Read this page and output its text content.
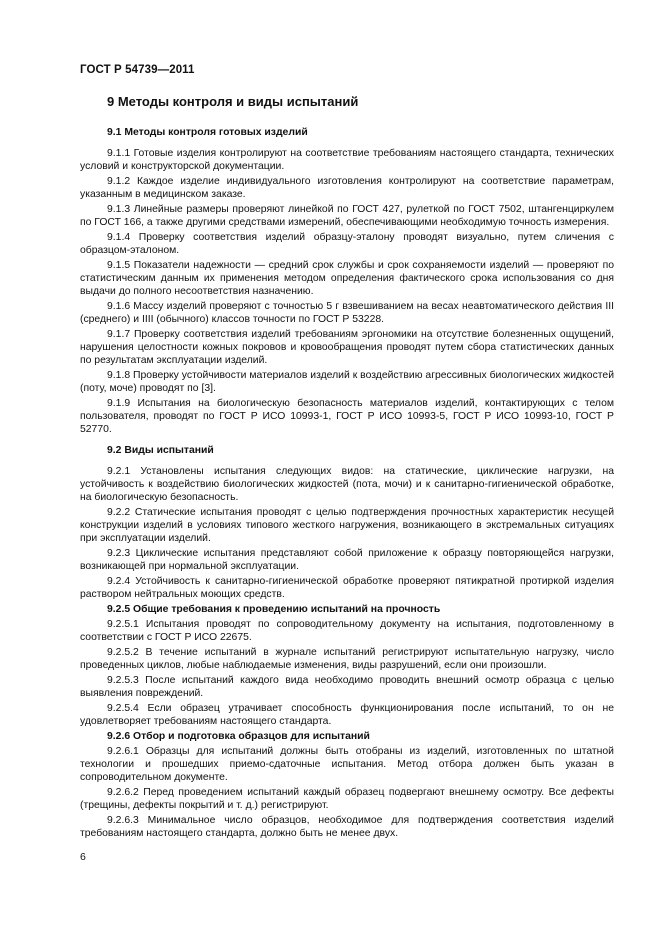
ГОСТ Р 54739—2011
9 Методы контроля и виды испытаний
9.1 Методы контроля готовых изделий
9.1.1 Готовые изделия контролируют на соответствие требованиям настоящего стандарта, технических условий и конструкторской документации.
9.1.2 Каждое изделие индивидуального изготовления контролируют на соответствие параметрам, указанным в медицинском заказе.
9.1.3 Линейные размеры проверяют линейкой по ГОСТ 427, рулеткой по ГОСТ 7502, штангенциркулем по ГОСТ 166, а также другими средствами измерений, обеспечивающими необходимую точность измерения.
9.1.4 Проверку соответствия изделий образцу-эталону проводят визуально, путем сличения с образцом-эталоном.
9.1.5 Показатели надежности — средний срок службы и срок сохраняемости изделий — проверяют по статистическим данным их применения методом определения фактического срока использования со дня выдачи до полного несоответствия назначению.
9.1.6 Массу изделий проверяют с точностью 5 г взвешиванием на весах неавтоматического действия III (среднего) и IIII (обычного) классов точности по ГОСТ Р 53228.
9.1.7 Проверку соответствия изделий требованиям эргономики на отсутствие болезненных ощущений, нарушения целостности кожных покровов и кровообращения проводят путем сбора статистических данных по результатам эксплуатации изделий.
9.1.8 Проверку устойчивости материалов изделий к воздействию агрессивных биологических жидкостей (поту, моче) проводят по [3].
9.1.9 Испытания на биологическую безопасность материалов изделий, контактирующих с телом пользователя, проводят по ГОСТ Р ИСО 10993-1, ГОСТ Р ИСО 10993-5, ГОСТ Р ИСО 10993-10, ГОСТ Р 52770.
9.2 Виды испытаний
9.2.1 Установлены испытания следующих видов: на статические, циклические нагрузки, на устойчивость к воздействию биологических жидкостей (пота, мочи) и к санитарно-гигиенической обработке, на биологическую безопасность.
9.2.2 Статические испытания проводят с целью подтверждения прочностных характеристик несущей конструкции изделий в условиях типового жесткого нагружения, возникающего в экстремальных ситуациях при эксплуатации изделий.
9.2.3 Циклические испытания представляют собой приложение к образцу повторяющейся нагрузки, возникающей при нормальной эксплуатации.
9.2.4 Устойчивость к санитарно-гигиенической обработке проверяют пятикратной протиркой изделия раствором нейтральных моющих средств.
9.2.5 Общие требования к проведению испытаний на прочность
9.2.5.1 Испытания проводят по сопроводительному документу на испытания, подготовленному в соответствии с ГОСТ Р ИСО 22675.
9.2.5.2 В течение испытаний в журнале испытаний регистрируют испытательную нагрузку, число проведенных циклов, любые наблюдаемые изменения, виды разрушений, если они произошли.
9.2.5.3 После испытаний каждого вида необходимо проводить внешний осмотр образца с целью выявления повреждений.
9.2.5.4 Если образец утрачивает способность функционирования после испытаний, то он не удовлетворяет требованиям настоящего стандарта.
9.2.6 Отбор и подготовка образцов для испытаний
9.2.6.1 Образцы для испытаний должны быть отобраны из изделий, изготовленных по штатной технологии и прошедших приемо-сдаточные испытания. Метод отбора должен быть указан в сопроводительном документе.
9.2.6.2 Перед проведением испытаний каждый образец подвергают внешнему осмотру. Все дефекты (трещины, дефекты покрытий и т. д.) регистрируют.
9.2.6.3 Минимальное число образцов, необходимое для подтверждения соответствия изделий требованиям настоящего стандарта, должно быть не менее двух.
6
